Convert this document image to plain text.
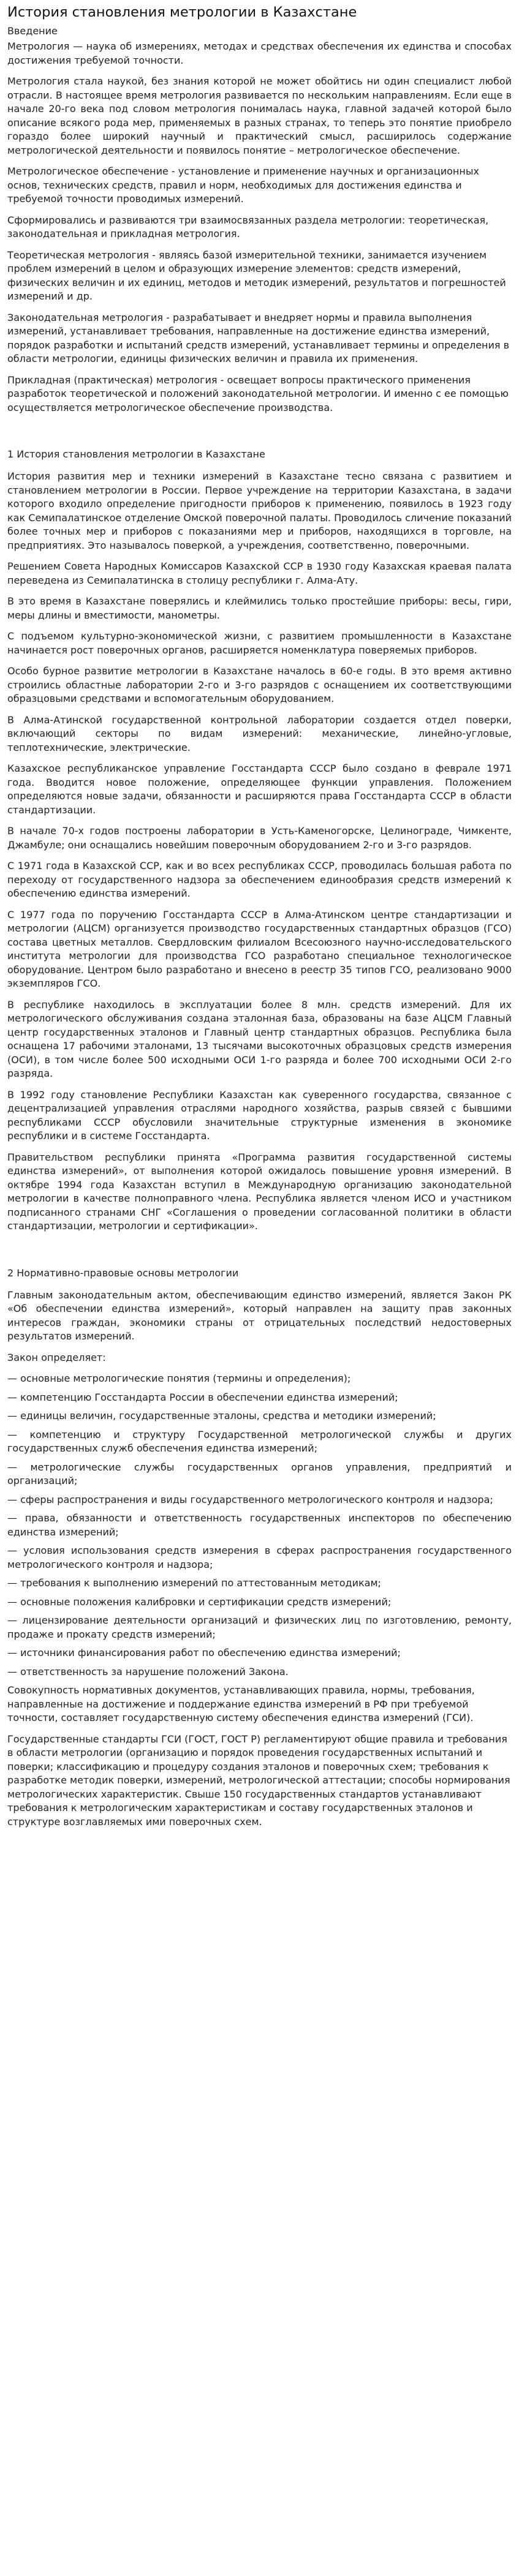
История становления метрологии в Казахстане
Введение

Метрология — наука об измерениях, методах и средствах обеспечения их единства и способах достижения требуемой точности.

Метрология стала наукой, без знания которой не может обойтись ни один специалист любой отрасли. В настоящее время метрология развивается по нескольким направлениям. Если еще в начале 20-го века под словом метрология понималась наука, главной задачей которой было описание всякого рода мер, применяемых в разных странах, то теперь это понятие приобрело гораздо более широкий научный и практический смысл, расширилось содержание метрологической деятельности и появилось понятие – метрологическое обеспечение.

Метрологическое обеспечение - установление и применение научных и организационных основ, технических средств, правил и норм, необходимых для достижения единства и требуемой точности проводимых измерений.

Сформировались и развиваются три взаимосвязанных раздела метрологии: теоретическая, законодательная и прикладная метрология.

Теоретическая метрология - являясь базой измерительной техники, занимается изучением проблем измерений в целом и образующих измерение элементов: средств измерений, физических величин и их единиц, методов и методик измерений, результатов и погрешностей измерений и др.

Законодательная метрология - разрабатывает и внедряет нормы и правила выполнения измерений, устанавливает требования, направленные на достижение единства измерений, порядок разработки и испытаний средств измерений, устанавливает термины и определения в области метрологии, единицы физических величин и правила их применения.

Прикладная (практическая) метрология - освещает вопросы практического применения разработок теоретической и положений законодательной метрологии. И именно с ее помощью осуществляется метрологическое обеспечение производства.

1 История становления метрологии в Казахстане

История развития мер и техники измерений в Казахстане тесно связана с развитием и становлением метрологии в России. Первое учреждение на территории Казахстана, в задачи которого входило определение пригодности приборов к применению, появилось в 1923 году как Семипалатинское отделение Омской поверочной палаты. Проводилось сличение показаний более точных мер и приборов с показаниями мер и приборов, находящихся в торговле, на предприятиях. Это называлось поверкой, а учреждения, соответственно, поверочными.

Решением Совета Народных Комиссаров Казахской ССР в 1930 году Казахская краевая палата переведена из Семипалатинска в столицу республики г. Алма-Ату.

В это время в Казахстане поверялись и клеймились только простейшие приборы: весы, гири, меры длины и вместимости, манометры.

С подъемом культурно-экономической жизни, с развитием промышленности в Казахстане начинается рост поверочных органов, расширяется номенклатура поверяемых приборов.

Особо бурное развитие метрологии в Казахстане началось в 60-е годы. В это время активно строились областные лаборатории 2-го и 3-го разрядов с оснащением их соответствующими образцовыми средствами и вспомогательным оборудованием.

В Алма-Атинской государственной контрольной лаборатории создается отдел поверки, включающий секторы по видам измерений: механические, линейно-угловые, теплотехнические, электрические.

Казахское республиканское управление Госстандарта СССР было создано в феврале 1971 года. Вводится новое положение, определяющее функции управления. Положением определяются новые задачи, обязанности и расширяются права Госстандарта СССР в области стандартизации.

В начале 70-х годов построены лаборатории в Усть-Каменогорске, Целинограде, Чимкенте, Джамбуле; они оснащались новейшим поверочным оборудованием 2-го и 3-го разрядов.

С 1971 года в Казахской ССР, как и во всех республиках СССР, проводилась большая работа по переходу от государственного надзора за обеспечением единообразия средств измерений к обеспечению единства измерений.

С 1977 года по поручению Госстандарта СССР в Алма-Атинском центре стандартизации и метрологии (АЦСМ) организуется производство государственных стандартных образцов (ГСО) состава цветных металлов. Свердловским филиалом Всесоюзного научно-исследовательского института метрологии для производства ГСО разработано специальное технологическое оборудование. Центром было разработано и внесено в реестр 35 типов ГСО, реализовано 9000 экземпляров ГСО.

В республике находилось в эксплуатации более 8 млн. средств измерений. Для их метрологического обслуживания создана эталонная база, образованы на базе АЦСМ Главный центр государственных эталонов и Главный центр стандартных образцов. Республика была оснащена 17 рабочими эталонами, 13 тысячами высокоточных образцовых средств измерения (ОСИ), в том числе более 500 исходными ОСИ 1-го разряда и более 700 исходными ОСИ 2-го разряда.

В 1992 году становление Республики Казахстан как суверенного государства, связанное с децентрализацией управления отраслями народного хозяйства, разрыв связей с бывшими республиками СССР обусловили значительные структурные изменения в экономике республики и в системе Госстандарта.

Правительством республики принята «Программа развития государственной системы единства измерений», от выполнения которой ожидалось повышение уровня измерений. В октябре 1994 года Казахстан вступил в Международную организацию законодательной метрологии в качестве полноправного члена. Республика является членом ИСО и участником подписанного странами СНГ «Соглашения о проведении согласованной политики в области стандартизации, метрологии и сертификации».

2 Нормативно-правовые основы метрологии

Главным законодательным актом, обеспечивающим единство измерений, является Закон РК «Об обеспечении единства измерений», который направлен на защиту прав законных интересов граждан, экономики страны от отрицательных последствий недостоверных результатов измерений.

Закон определяет:

— основные метрологические понятия (термины и определения);

— компетенцию Госстандарта России в обеспечении единства измерений;

— единицы величин, государственные эталоны, средства и методики измерений;

— компетенцию и структуру Государственной метрологической службы и других государственных служб обеспечения единства измерений;

— метрологические службы государственных органов управления, предприятий и организаций;

— сферы распространения и виды государственного метрологического контроля и надзора;

— права, обязанности и ответственность государственных инспекторов по обеспечению единства измерений;

— условия использования средств измерения в сферах распространения государственного метрологического контроля и надзора;

— требования к выполнению измерений по аттестованным методикам;

— основные положения калибровки и сертификации средств измерений;

— лицензирование деятельности организаций и физических лиц по изготовлению, ремонту, продаже и прокату средств измерений;

— источники финансирования работ по обеспечению единства измерений;

— ответственность за нарушение положений Закона.

Совокупность нормативных документов, устанавливающих правила, нормы, требования, направленные на достижение и поддержание единства измерений в РФ при требуемой точности, составляет государственную систему обеспечения единства измерений (ГСИ).

Государственные стандарты ГСИ (ГОСТ, ГОСТ Р) регламентируют общие правила и требования в области метрологии (организацию и порядок проведения государственных испытаний и поверки; классификацию и процедуру создания эталонов и поверочных схем; требования к разработке методик поверки, измерений, метрологической аттестации; способы нормирования метрологических характеристик. Свыше 150 государственных стандартов устанавливают требования к метрологическим характеристикам и составу государственных эталонов и структуре возглавляемых ими поверочных схем.
